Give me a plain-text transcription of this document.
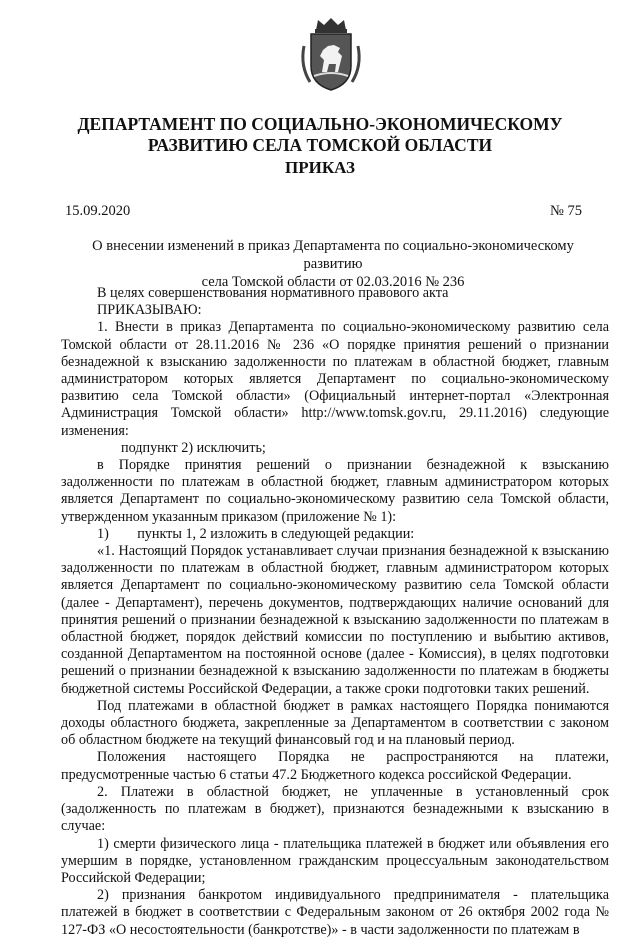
ДЕПАРТАМЕНТ ПО СОЦИАЛЬНО-ЭКОНОМИЧЕСКОМУ
РАЗВИТИЮ СЕЛА ТОМСКОЙ ОБЛАСТИ
ПРИКАЗ
15.09.2020	№ 75
О внесении изменений в приказ Департамента по социально-экономическому развитию
села Томской области от 02.03.2016 № 236

В целях совершенствования нормативного правового акта

ПРИКАЗЫВАЮ:

1. Внести в приказ Департамента по социально-экономическому развитию села Томской области от 28.11.2016 № 236 «О порядке принятия решений о признании безнадежной к взысканию задолженности по платежам в областной бюджет, главным администратором которых является Департамент по социально-экономическому развитию села Томской области» (Официальный интернет-портал «Электронная Администрация Томской области» http://www.tomsk.gov.ru, 29.11.2016) следующие изменения:

подпункт 2) исключить;

в Порядке принятия решений о признании безнадежной к взысканию задолженности по платежам в областной бюджет, главным администратором которых является Департамент по социально-экономическому развитию села Томской области, утвержденном указанным приказом (приложение № 1):

1)        пункты 1, 2 изложить в следующей редакции:

«1. Настоящий Порядок устанавливает случаи признания безнадежной к взысканию задолженности по платежам в областной бюджет, главным администратором которых является Департамент по социально-экономическому развитию села Томской области (далее - Департамент), перечень документов, подтверждающих наличие оснований для принятия решений о признании безнадежной к взысканию задолженности по платежам в областной бюджет, порядок действий комиссии по поступлению и выбытию активов, созданной Департаментом на постоянной основе (далее - Комиссия), в целях подготовки решений о признании безнадежной к взысканию задолженности по платежам в бюджеты бюджетной системы Российской Федерации, а также сроки подготовки таких решений.

Под платежами в областной бюджет в рамках настоящего Порядка понимаются доходы областного бюджета, закрепленные за Департаментом в соответствии с законом об областном бюджете на текущий финансовый год и на плановый период.

Положения настоящего Порядка не распространяются на платежи, предусмотренные частью 6 статьи 47.2 Бюджетного кодекса российской Федерации.

2. Платежи в областной бюджет, не уплаченные в установленный срок (задолженность по платежам в бюджет), признаются безнадежными к взысканию в случае:

1) смерти физического лица - плательщика платежей в бюджет или объявления его умершим в порядке, установленном гражданским процессуальным законодательством Российской Федерации;

2) признания банкротом индивидуального предпринимателя - плательщика платежей в бюджет в соответствии с Федеральным законом от 26 октября 2002 года № 127-ФЗ «О несостоятельности (банкротстве)» - в части задолженности по платежам в
